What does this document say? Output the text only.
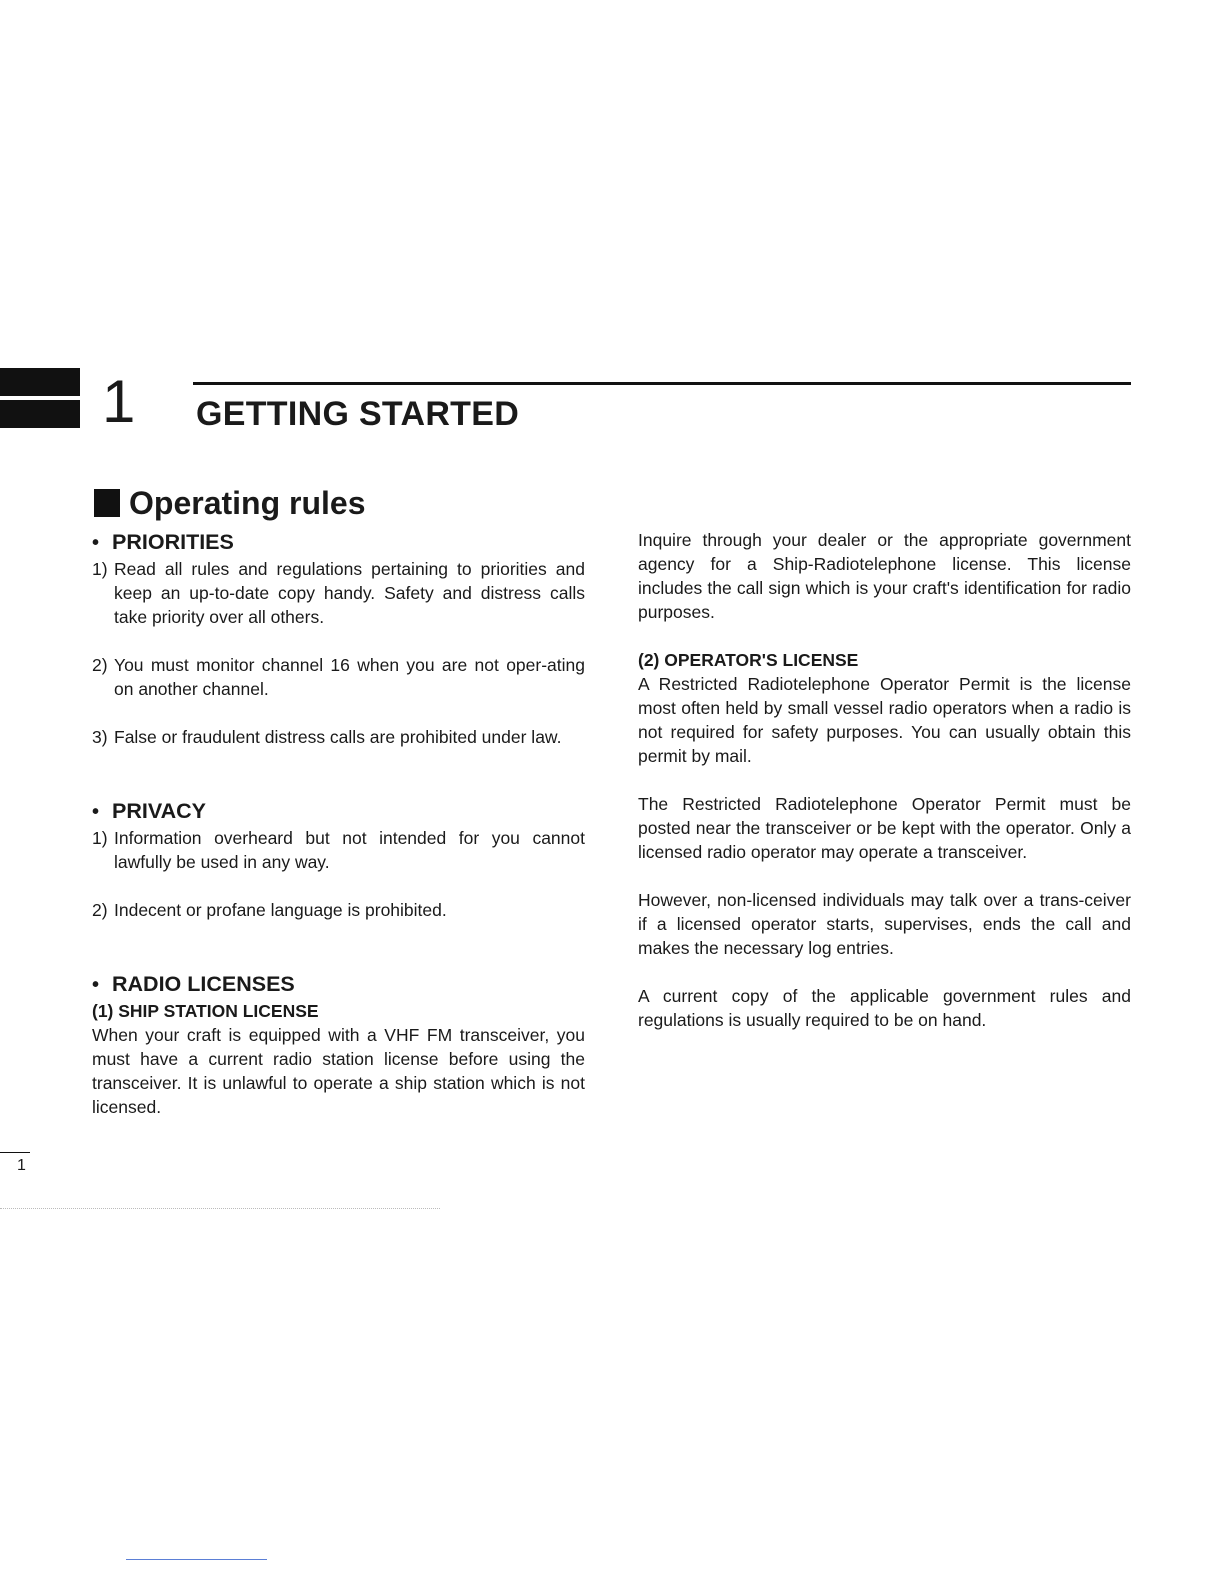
1 GETTING STARTED
Operating rules
• PRIORITIES
1) Read all rules and regulations pertaining to priorities and keep an up-to-date copy handy. Safety and distress calls take priority over all others.
2) You must monitor channel 16 when you are not oper-ating on another channel.
3) False or fraudulent distress calls are prohibited under law.
• PRIVACY
1) Information overheard but not intended for you cannot lawfully be used in any way.
2) Indecent or profane language is prohibited.
• RADIO LICENSES
(1) SHIP STATION LICENSE

When your craft is equipped with a VHF FM transceiver, you must have a current radio station license before using the transceiver. It is unlawful to operate a ship station which is not licensed.

Inquire through your dealer or the appropriate government agency for a Ship-Radiotelephone license. This license includes the call sign which is your craft's identification for radio purposes.

(2) OPERATOR'S LICENSE

A Restricted Radiotelephone Operator Permit is the license most often held by small vessel radio operators when a radio is not required for safety purposes. You can usually obtain this permit by mail.

The Restricted Radiotelephone Operator Permit must be posted near the transceiver or be kept with the operator. Only a licensed radio operator may operate a transceiver.

However, non-licensed individuals may talk over a trans-ceiver if a licensed operator starts, supervises, ends the call and makes the necessary log entries.

A current copy of the applicable government rules and regulations is usually required to be on hand.

1
